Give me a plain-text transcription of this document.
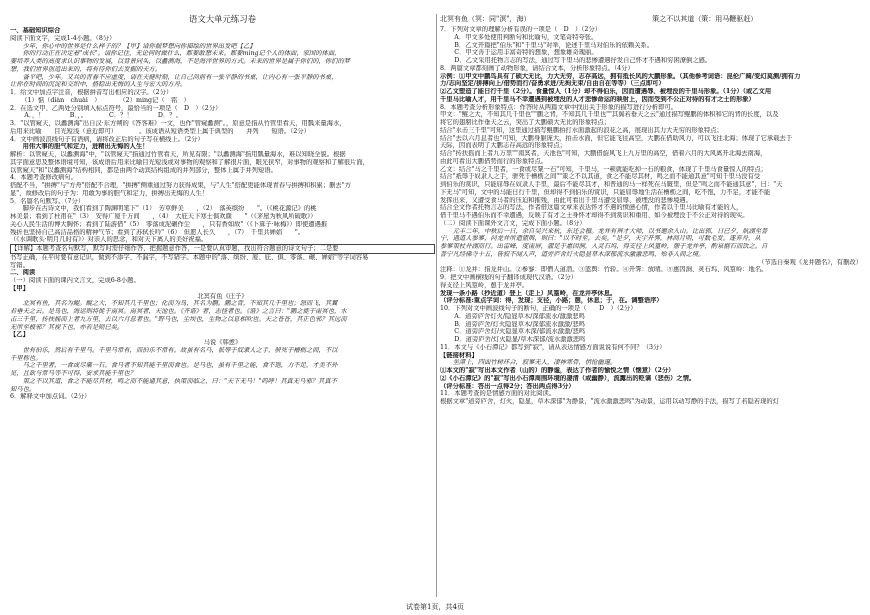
语文大单元练习卷
一、基础知识综合
阅读下面文字，完成1-4小题。（8分）
　　少年，你心中的世界是什么样子的？【甲】请你揣梦想向你描绘的世界出发吧【乙】
　　你的行动正在决定着"成长"。请你记住，无论何时做什么，都要敢想未来。都要ming记个人的体面，家国的体面，
要培养人类的高度求认识事物的发展，以背景同头，以蠡测海，不是海洋世界的方式。未来的世界是属于你们的，你们的梦
想，我们世界创造出来的，将有待你们去发掘的天方。
　　备平吧，少年。又共的青春不应虚度，请在天健时刻，让自己尚前有一张平静的书桌，让内心有一张平静的书桌，
让你在时间的沉淀和交织中，搭稳出无悔的人生与宏大的方舟。
1．给文中加点字注音，根据拼音写出相应的汉字。（2分）
　（1）惦（diàn　chuài　）　　　　（2）ming记（　铭　）
2．在选文甲、乙两处分别填入标点符号，最恰当的一项是（　D　）（2分）
　A．，！　　　　B．，。　　　　C．？！　　　　D．？。
3．"以管窥天，以蠡测海"出自汉·东方朔的《答客难》一文，也作"管窥蠡测"。，原意是指从竹管里看天，用瓢来量海水，
后用来比喻　　目光短浅（意近即可）　　　　。该成语从短语类型上属于典型的　　并列　　短语。（2分）
4．文中画波浪线句子有语病，请将改正后的句子写在横线上。（2分）
　　用伟大事的胆气和定力，进精出无悔的人生！
解析：以管窥天，以蠡测海"中，"以管窥天"指通过竹管看天，所见有限；"以蠡测海"指用瓢量海水，难以知晓全貌。根据
其字面意思及整体语境可知，该成语后用来比喻目光短浅或对事物的观察和了解很片面，眼光狭窄，对事物的观察和了解很片面，
以管窥天"和"以蠡测海"结构相同，都是由两个动宾结构组成的并列部分，整体上属于并列短语。
4．本题考查修改病句。
搭配不当，"拼搏"与"方舟"搭配不合理，"拼搏"侧重通过努力获得成果，与"人生"搭配更能体现青春与拼搏和积累；删去"方
显"，故修改后的句子为：用敢为事的胆气和定力，拼搏出无悔的人生！
5．名篇名句默写。（7分）
　　脚步在古诗文中，我们看到了陶渊明笔下"（1）　芳草鲜美　　，（2）　落英缤纷　　"。（《桃花源记》的桃
林美景；看到了杜甫在"（3）　安得广厦千万间　　，（4）　大庇天下寒士俱欢颜　　"（《茅屋为秋风所破歌》）
关心人民生活的博大胸怀；看到了陆游借"（5）　零落成泥碾作尘　　，只有香如故"（《卜算子·咏梅》）即使遭遇摧
残折也坚持自己高洁品格的精神气节；看到了苏轼长吟"（6）　但愿人长久　　，（7）　千里共婵娟　　"。
（《水调歌头·明月几时有》）对亲人的思念，和对天下离人的美好祝福。
【详解】本题考查名句默写，默写时需仔细作答，把握题意作答，一是要认真审题，找出符合题意的诗文句子；二是要
书写正确，在平时要有意记识，做到不添字、不漏字，不写错字。本题中的"落、缤纷、厦、庇、俱、零落、碾、婵娟"等字词容易
写错。
二、阅读
（一）阅读下面的课内文言文，完成6-8小题。
【甲】
北冥有鱼《庄子》
　　北冥有鱼，其名为鲲。鲲之大，不知其几千里也；化而为鸟，其名为鹏。鹏之背，不知其几千里也；怒而飞，其翼
若垂天之云。是鸟也，海运则将徙于南冥。南冥者，天池也。《齐谐》者，志怪者也。《谐》之言曰："鹏之徙于南冥也，水
击三千里，抟扶摇而上者九万里，去以六月息者也。"野马也，尘埃也，生物之以息相吹也。天之苍苍，其正色邪？其远而
无所至极邪？其视下也，亦若是则已矣。
【乙】
马说《韩愈》
　　世有伯乐，然后有千里马。千里马常有，而伯乐不常有。故虽有名马，祇辱于奴隶人之手，骈死于槽枥之间，不以
千里称也。
　　马之千里者，一食或尽粟一石。食马者不知其能千里而食也。是马也，虽有千里之能，食不饱，力不足，才美不外
见，且欲与常马等不可得，安求其能千里也？
　　策之不以其道，食之不能尽其材，鸣之而不能通其意，执策而临之，曰："天下无马！"呜呼！其真无马邪？其真不
知马也。
6．解释文中加点词。（2分）
北冥有鱼（冥：同"溟"，海）	策之不以其道（策：用马鞭驱赶）
7．下列对文章的理解分析有误的一项是（　D　）（2分）
　A．甲文多处使用判断句和比喻句，文笔奇特夸张。
　B．乙文开篇把"伯乐"和"千里马"对举，论述千里马对伯乐的依赖关系。
　C．甲文善于运用丰富奇特的想象，想象雄奇瑰丽。
　D．乙文采用托物言志的写法，通过写千里马的悲惨遭遇抒发自己怀才不遇和穷困潦倒之感。
8．两篇文章都刻画了动物形象，请结合文本，分析形象特点。（4分）
示例：①甲文中鹏鸟具有了硕大无比，力大无穷，志存高远，拥有抵长风的大鹏形象。（其他参考词语：昆伦广阔/变幻莫测/拥有力
力/志向坚定/拼搏向上/借势而行/奋勇求进/无拘无束/自由自在等等）（三点即可）
②乙文塑造了能日行千里（2分）。食量惊人（1分）却不得伯乐，因而遭遇辱、被埋没的千里马形象。（1分）（或乙文用
千里马比喻人才，用千里马不幸遭遇到被埋没的人才悲惨命运的映射上，因而受到不公正对待的有才之士的形象）
8．本题考查分析形象特点：作答时从两篇文章中找出关于形象的描写进行分析即可。
甲文："鲲之大，不知其几千里也""鹏之背，不知其几千里也""其翼若垂天之云"通过描写鲲鹏的体积和它的背的长度，以及
将它的翅膀比作垂天之云，突出了大鹏硕大无比的形象特点；
结合"水击三千里"可知，这里通过描写鲲鹏拍打水面激起的浪花之高，展现出其力大无穷的形象特点；
结合"去以六月息者也"可知，大鹏身躯庞大，拍击水面，但它能飞往高空，大鹏在借助风力，可以飞往北海；体现了它承载去于
天际，因而表明了大鹏志存高远的形象特点；
结合"抟扶摇而上者九万里""南冥者，天池也"可知，大鹏借旋风飞上九万里的高空，借着六月的大风离开北海去南海，
由此可看出大鹏借势而行的形象特点。
乙文：结合"马之千里者，一食或尽粟一石"可知，千里马，一顿就能吃掉一石的粮食，体现了千里马食量惊人的特点；
结合"祇辱于奴隶人之手，骈死于槽枥之间""策之不以其道，食之不能尽其材，鸣之而不能通其意"可知千里马没有受
到伯乐的赏识，只能屈辱在奴隶人手里，最后不能尽其才，和普通的马一样死在马厩里，但是"鸣之而不能通其意"，曰："天
下无马"可知，文中的马能日行千里，但却得不到伯乐的赏识，只能屈辱地生活在槽枥之间，吃不饱，力不足，才能不能
发挥出来，又遭受食马者的压迫和摧残，由此可看出千里马遭受屈辱、被埋没的悲惨境遇。
结合全文作者托物言志的写法，作者借这篇文章来表达怀才不遇的愤懑心情，作者以千里马比喻有才能的人，
借千里马不遇伯乐而不幸遭遇，反映了有才之士身怀才却得不到赏识和重用、如今被埋没于不公正对待的现实。
（二）阅读下面课外文言文，完成下面小题。（8分）
　　元丰二年，中秋后一日，余自吴兴来杭，东还会稽。龙井有辨才大师，以书邀余入山。比出郭，日已夕，航湖至普
宁，遇道人参寥，问龙井所遣篮舆，则曰："以不时至，去矣。"是夕，天宇开霁，林间月明，可数毛发。遂弃舟，从
参寥策杖并湖而行。出雷峰，度南屏，濯足于惠因涧，入灵石坞，得支径上风篁岭，憩于龙井亭，酌泉据石而饮之。自
普宁凡经佛寺十五，皆寂不闻人声，道旁庐舍灯火隐显草木深郁流水激激悲鸣，殆非人间之境。
（节选自秦观《龙井题名》，有删改）
注释：①龙井：指龙井山。②参寥：即僧人道潜。③篮舆：竹轿。④开霁：放晴。⑤惠因涧、灵石坞、风篁岭：地名。
9．把文中画横线的句子翻译成现代汉语。（2分）
得支径上风篁岭，憩于龙井亭。
发现一条小路（抄近道）登上（走上）风篁岭，在龙井亭休息。
（评分标准:重点字词：得，发现；支径，小路；憩，休息；于，在。调整语序）
10．下列对文中画波线句子的断句，正确的一项是（　　D　）（2分）
　A．道旁庐舍灯火/隐显草木/深郁流水/激激悲鸣
　B．道旁庐舍/灯火隐显草木/深郁流水激激/悲鸣
　C．道旁庐舍灯/火隐显草木深/郁流水激激/悲鸣
　D．道旁庐舍/灯火隐显/草木深郁/流水激激悲鸣
11．本文与《小石潭记》都写到"寂"，请从表达情感方面说说有何不同？（3分）
【链接材料】
　　坐潭上，四面竹树环合，寂寥无人，凄神寒骨，悄怆幽邃。
①本文的"寂"写出本文作者（山的）的静谧，表达了作者的愉悦之情（惬意）（2分）
②《小石潭记》的"寂"写出小石潭周围环境的凄清（或幽静），流露出的贬谪（悲伤）之情。
（评分标准：答出一点得2分；答出两点得3分）
11．本题考查的是情感方面的对比阅读。
根据文章"道旁庐舍，灯火，隐显，草木深郁"为静景，"流水激激悲鸣"为动景，运用以动写静的手法，描写了若隐若现的灯
试卷第1页，共4页
